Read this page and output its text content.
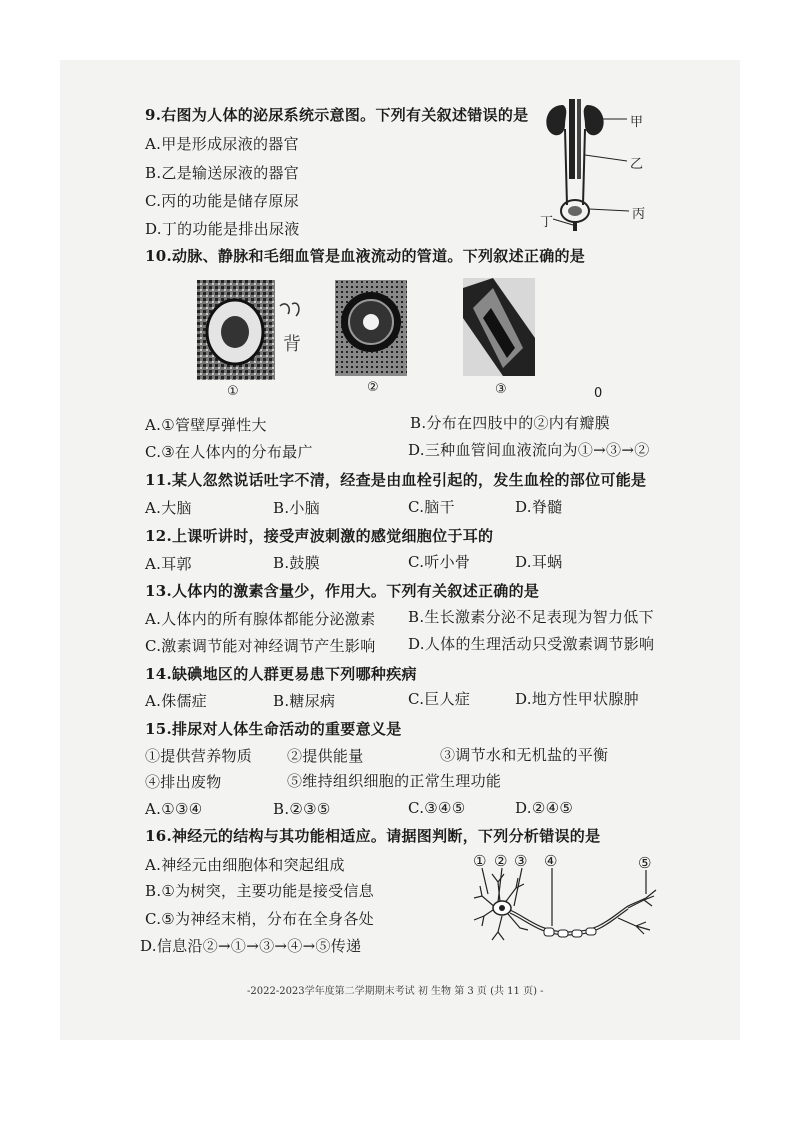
9.右图为人体的泌尿系统示意图。下列有关叙述错误的是
A.甲是形成尿液的器官
B.乙是输送尿液的器官
C.丙的功能是储存原尿
D.丁的功能是排出尿液
甲
乙
丙
丁
10.动脉、静脉和毛细血管是血液流动的管道。下列叙述正确的是
背
①	②	③	0
A.①管壁厚弹性大	B.分布在四肢中的②内有瓣膜
C.③在人体内的分布最广	D.三种血管间血液流向为①→③→②
11.某人忽然说话吐字不清，经查是由血栓引起的，发生血栓的部位可能是
A.大脑	B.小脑	C.脑干	D.脊髓
12.上课听讲时，接受声波刺激的感觉细胞位于耳的
A.耳郭	B.鼓膜	C.听小骨	D.耳蜗
13.人体内的激素含量少，作用大。下列有关叙述正确的是
A.人体内的所有腺体都能分泌激素 B.生长激素分泌不足表现为智力低下
C.激素调节能对神经调节产生影响 D.人体的生理活动只受激素调节影响
14.缺碘地区的人群更易患下列哪种疾病
A.侏儒症	B.糖尿病	C.巨人症	D.地方性甲状腺肿
15.排尿对人体生命活动的重要意义是
①提供营养物质 ②提供能量	③调节水和无机盐的平衡
④排出废物	⑤维持组织细胞的正常生理功能
A.①③④	B.②③⑤	C.③④⑤	D.②④⑤
16.神经元的结构与其功能相适应。请据图判断，下列分析错误的是
A.神经元由细胞体和突起组成
B.①为树突，主要功能是接受信息
C.⑤为神经末梢，分布在全身各处
D.信息沿②→①→③→④→⑤传递
① ② ③ ④	⑤
-2022-2023学年度第二学期期末考试 初 生物 第 3 页 (共 11 页) -
